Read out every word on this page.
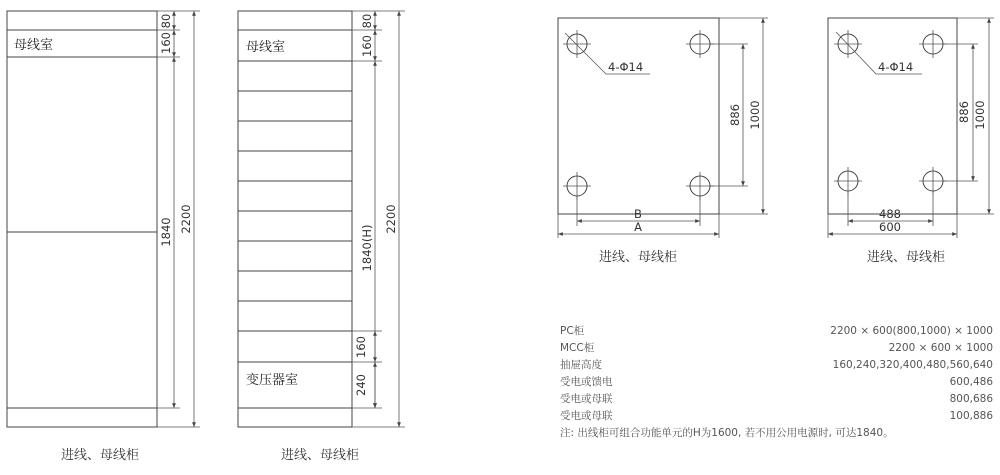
母线室
80
160
1840 2200
进线、母线柜
母线室
变压器室
80
160
1840(H)
160
240
2200
进线、母线柜
4-Φ14
886 1000
B
A
进线、母线柜
4-Φ14
886 1000
488
600
进线、母线柜
PC柜	2200 × 600(800,1000) × 1000
MCC柜	2200 × 600 × 1000
抽屉高度	160,240,320,400,480,560,640
受电或馈电	600,486
受电或母联	800,686
受电或母联	100,886
注: 出线柜可组合功能单元的H为1600, 若不用公用电源时, 可达1840。
